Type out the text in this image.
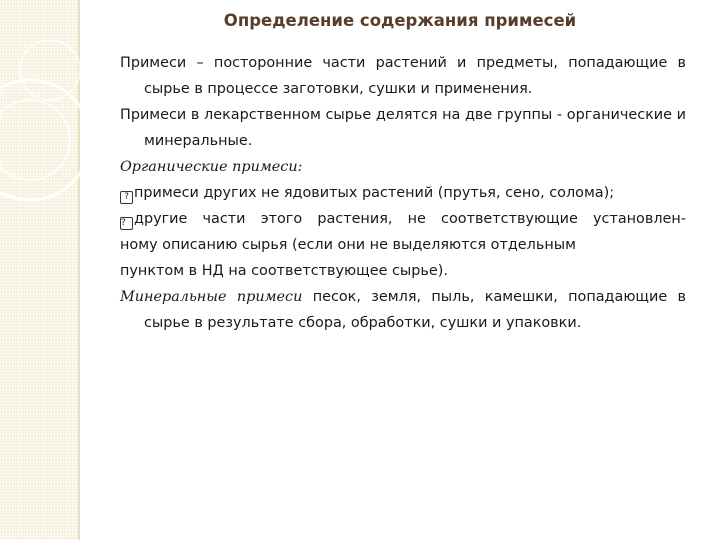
Определение содержания примесей

Примеси – посторонние части растений и предметы, попадающие в сырье в процессе заготовки, сушки и применения.

Примеси в лекарственном сырье делятся на две группы - органические и минеральные.

Органические примеси:

? примеси других не ядовитых растений (прутья, сено, солома);

? другие части этого растения, не соответствующие установлен-

ному описанию сырья (если они не выделяются отдельным

пунктом в НД на соответствующее сырье).

Минеральные примеси песок, земля, пыль, камешки, попадающие в сырье в результате сбора, обработки, сушки и упаковки.
